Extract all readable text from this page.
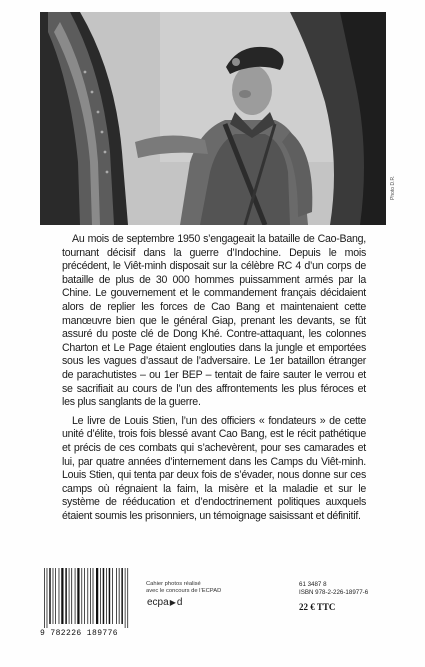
Photo D.R.

Au mois de septembre 1950 s’engageait la bataille de Cao-Bang, tournant décisif dans la guerre d’Indochine. Depuis le mois précédent, le Viêt-minh disposait sur la célèbre RC 4 d’un corps de bataille de plus de 30 000 hommes puissamment armés par la Chine. Le gouvernement et le commandement français décidaient alors de replier les forces de Cao Bang et maintenaient cette manœuvre bien que le général Giap, prenant les devants, se fût assuré du poste clé de Dong Khé. Contre-attaquant, les colonnes Charton et Le Page étaient englouties dans la jungle et emportées sous les vagues d’assaut de l’adversaire. Le 1er bataillon étranger de parachutistes – ou 1er BEP – tentait de faire sauter le verrou et se sacrifiait au cours de l’un des affrontements les plus féroces et les plus sanglants de la guerre.

Le livre de Louis Stien, l’un des officiers « fondateurs » de cette unité d’élite, trois fois blessé avant Cao Bang, est le récit pathétique et précis de ces combats qui s’achevèrent, pour ses camarades et lui, par quatre années d’internement dans les Camps du Viêt-minh. Louis Stien, qui tenta par deux fois de s’évader, nous donne sur ces camps où régnaient la faim, la misère et la maladie et sur le système de rééducation et d’endoctrinement politiques auxquels étaient soumis les prisonniers, un témoignage saisissant et définitif.

9 782226 189776
Cahier photos réalisé
avec le concours de l’ECPAD
ecpa ▶ d
61 3487 8
ISBN 978-2-226-18977-6
22 € TTC
